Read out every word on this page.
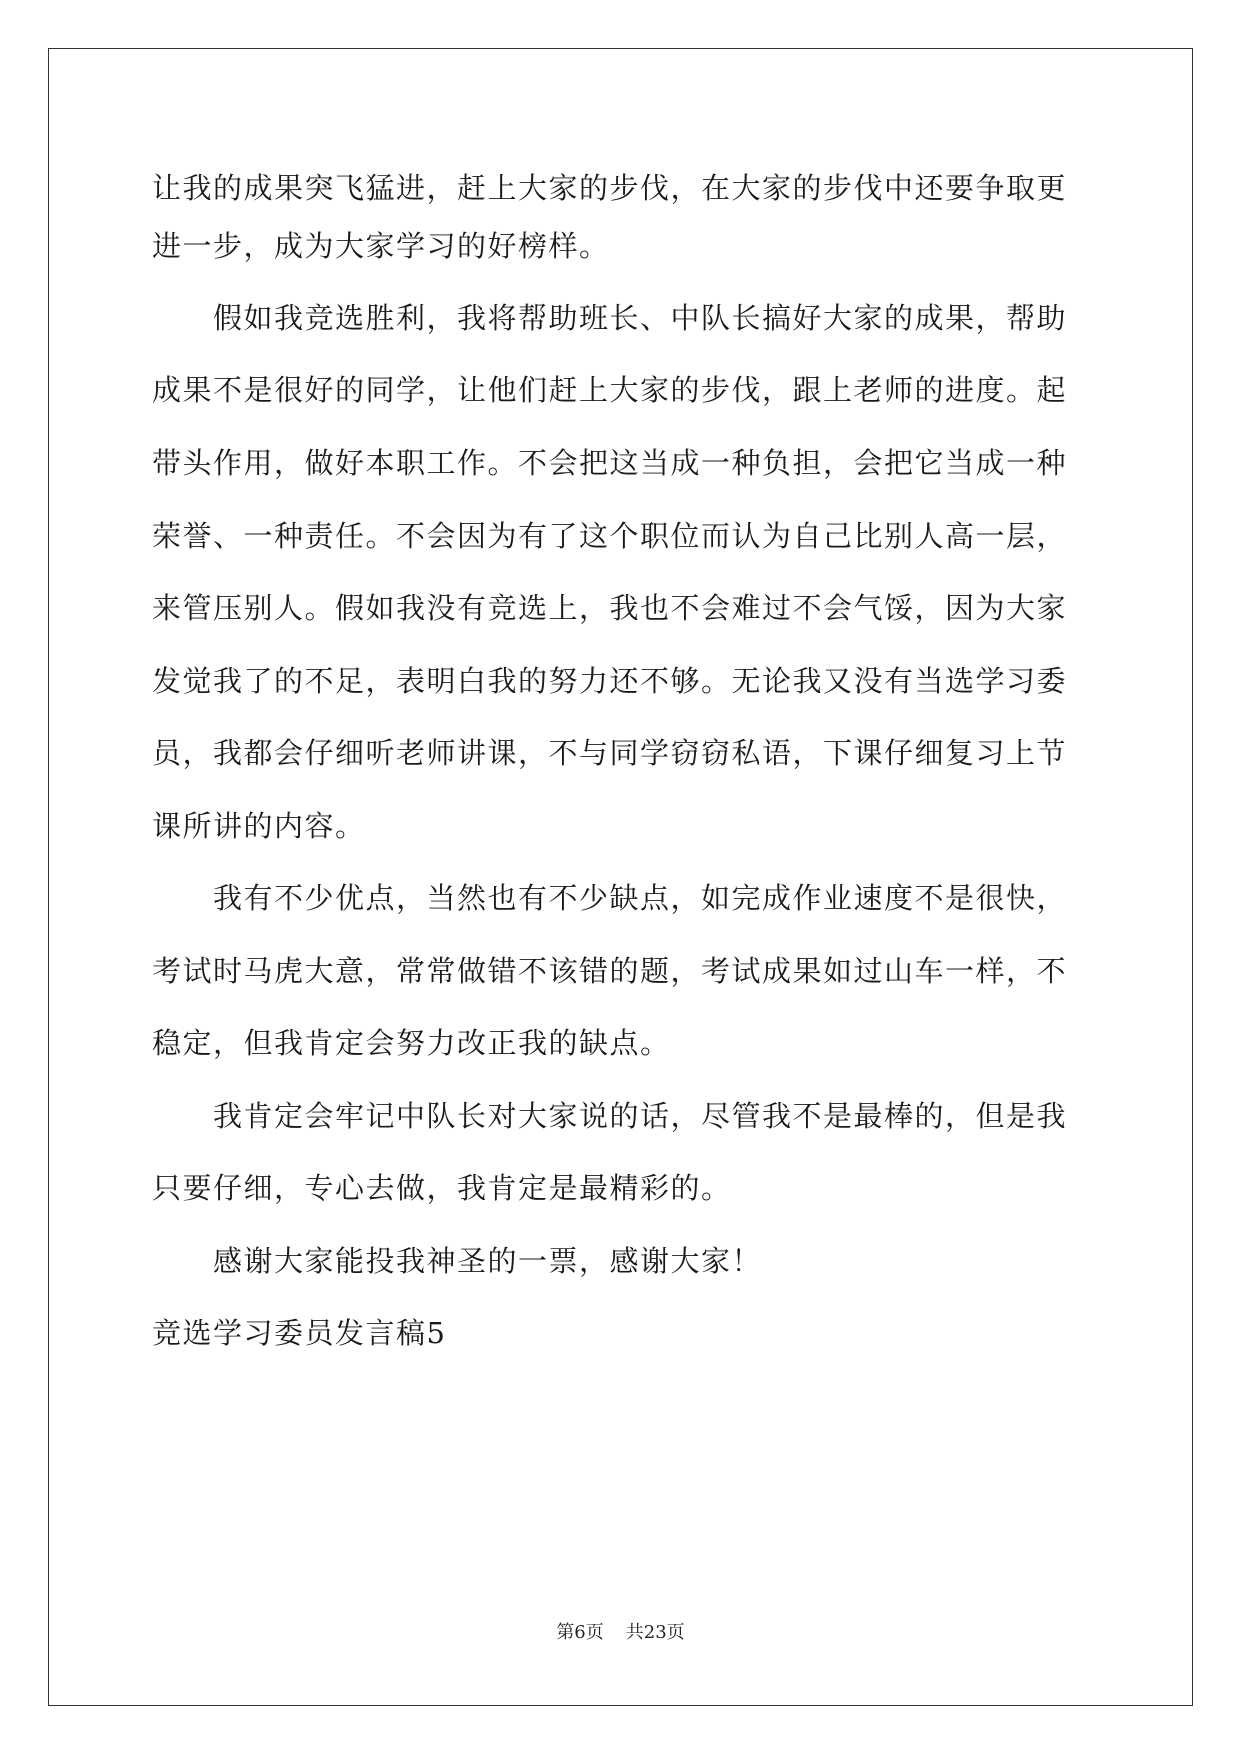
让我的成果突飞猛进，赶上大家的步伐，在大家的步伐中还要争取更
进一步，成为大家学习的好榜样。
假如我竞选胜利，我将帮助班长、中队长搞好大家的成果，帮助
成果不是很好的同学，让他们赶上大家的步伐，跟上老师的进度。起
带头作用，做好本职工作。不会把这当成一种负担，会把它当成一种
荣誉、一种责任。不会因为有了这个职位而认为自己比别人高一层，
来管压别人。假如我没有竞选上，我也不会难过不会气馁，因为大家
发觉我了的不足，表明白我的努力还不够。无论我又没有当选学习委
员，我都会仔细听老师讲课，不与同学窃窃私语，下课仔细复习上节
课所讲的内容。
我有不少优点，当然也有不少缺点，如完成作业速度不是很快，
考试时马虎大意，常常做错不该错的题，考试成果如过山车一样，不
稳定，但我肯定会努力改正我的缺点。
我肯定会牢记中队长对大家说的话，尽管我不是最棒的，但是我
只要仔细，专心去做，我肯定是最精彩的。
感谢大家能投我神圣的一票，感谢大家！
竞选学习委员发言稿5
第6页 共23页
